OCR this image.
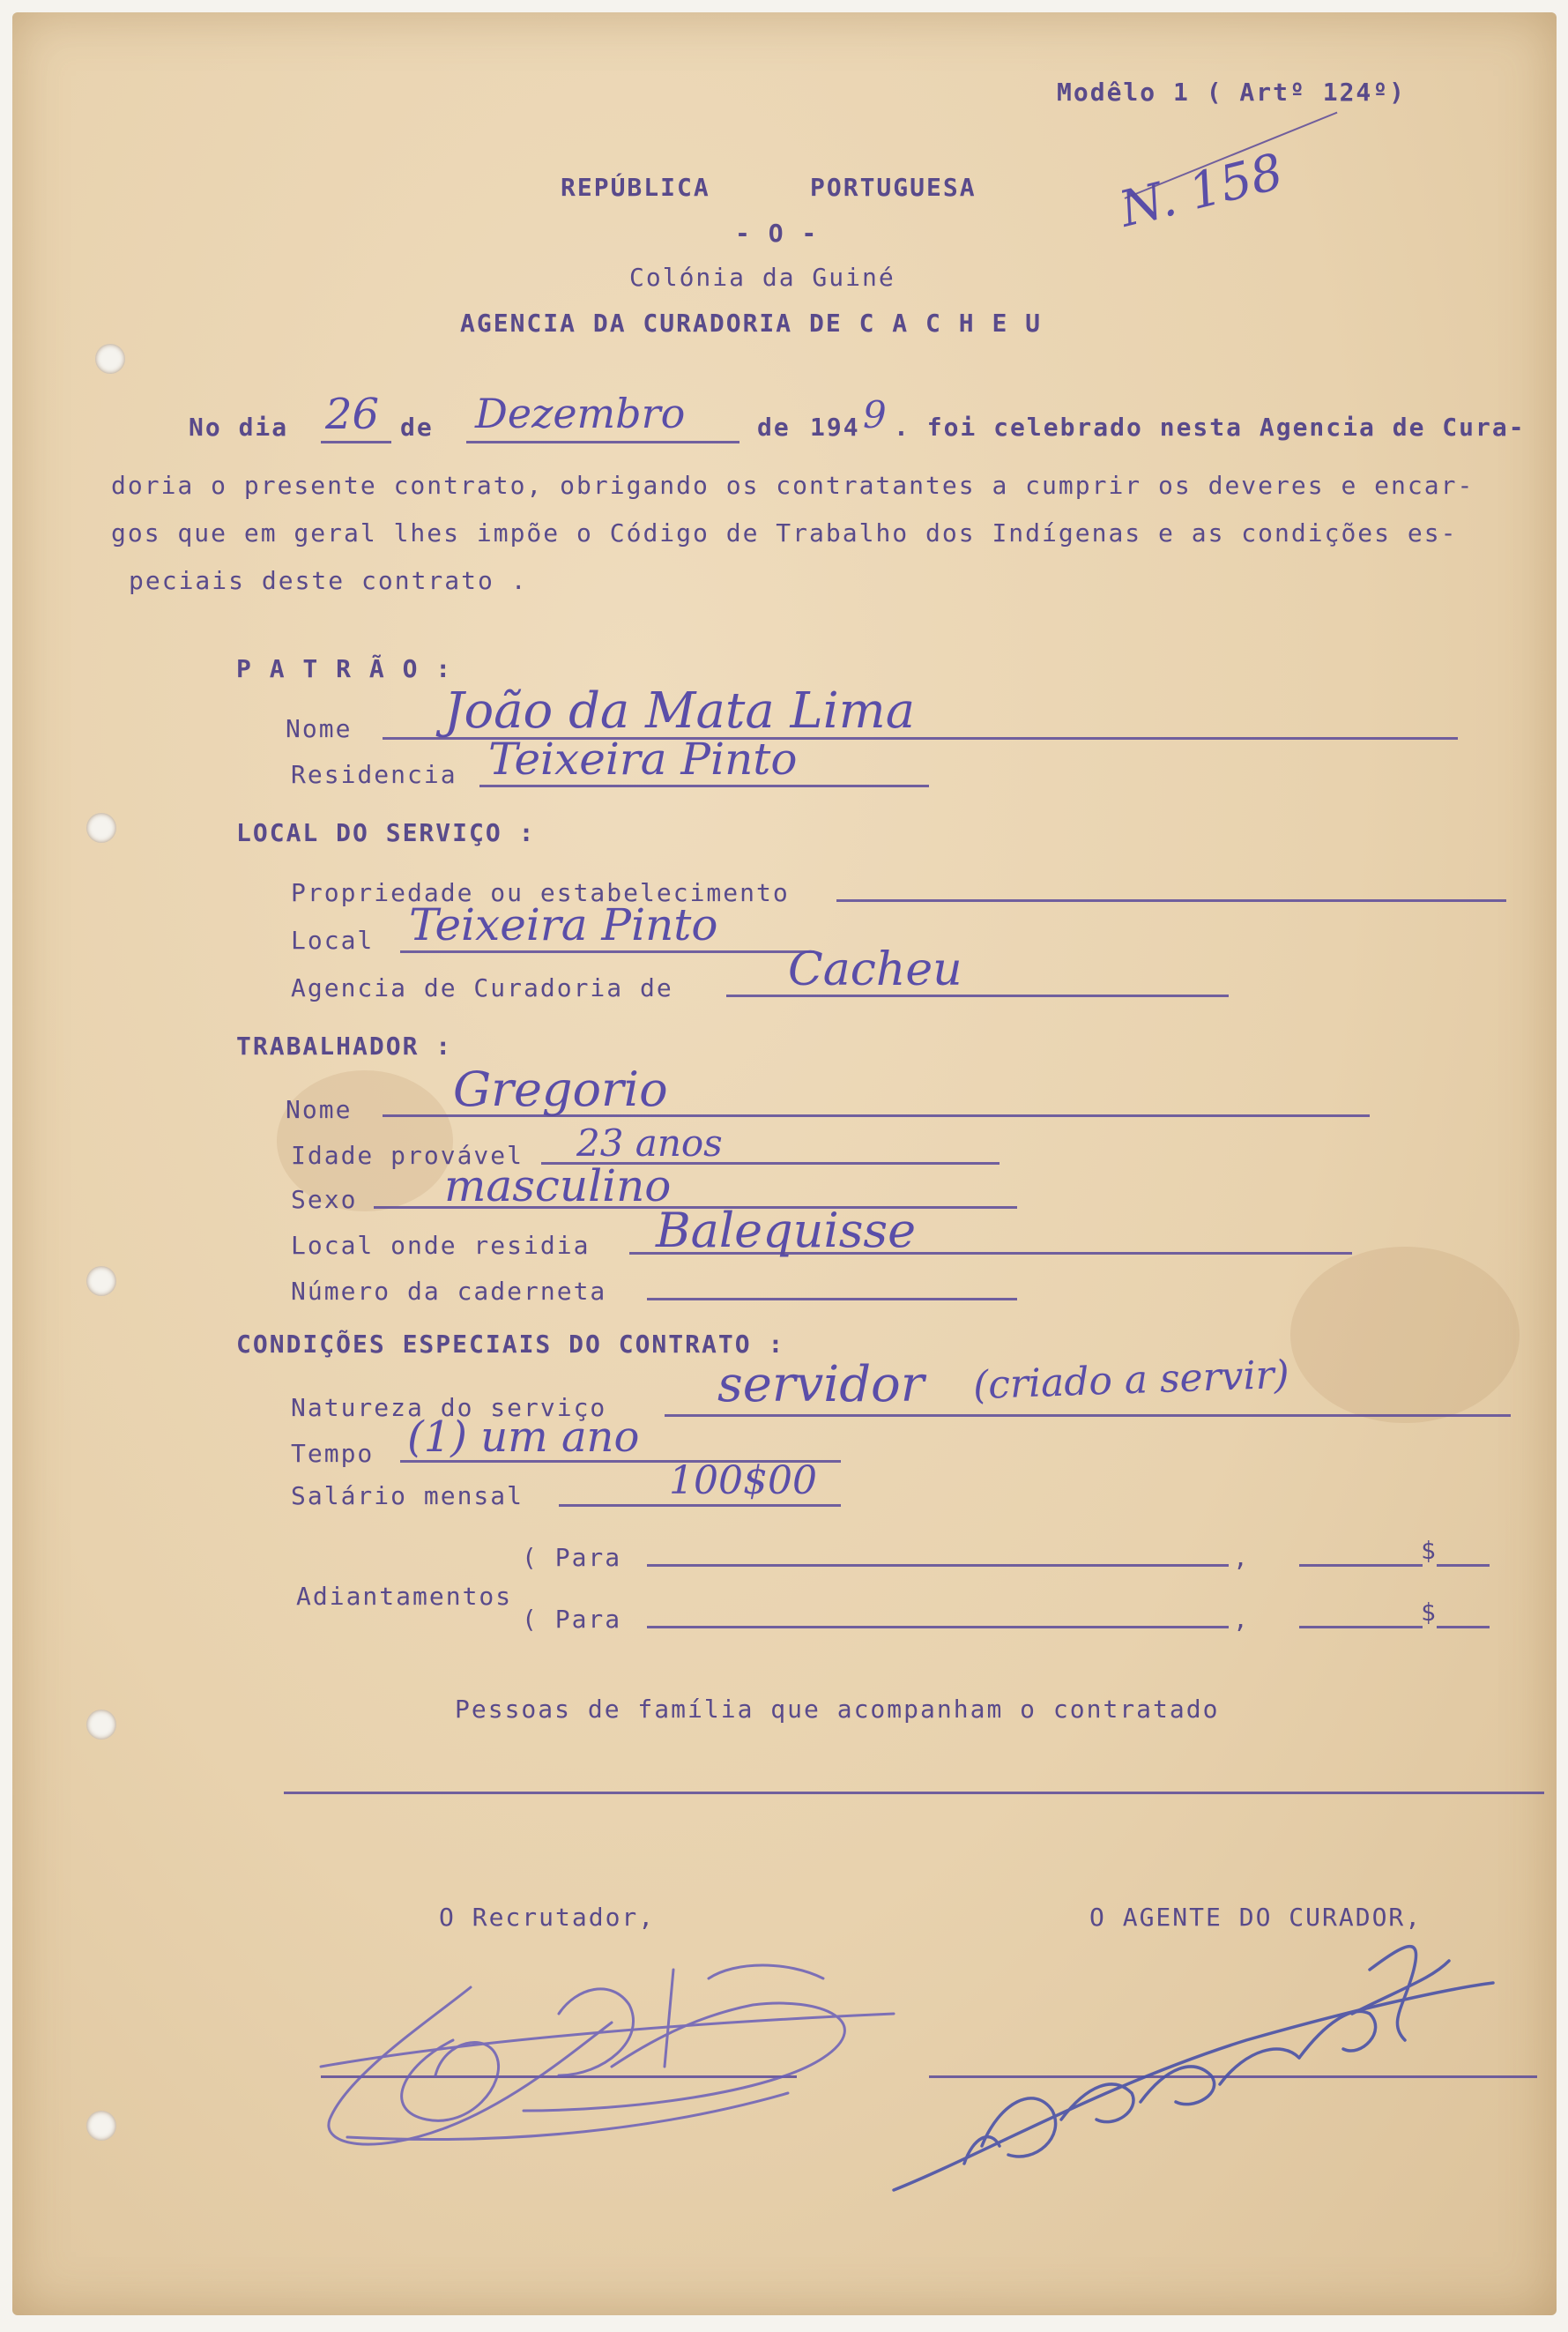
Modêlo 1 ( Artº 124º)
REPÚBLICA	PORTUGUESA
- O -
Colónia da Guiné
AGENCIA DA CURADORIA DE C A C H E U
N. 158
No dia 26 de Dezembro	de 194 9 . foi celebrado nesta Agencia de Cura-
doria o presente contrato, obrigando os contratantes a cumprir os deveres e encar-
gos que em geral lhes impõe o Código de Trabalho dos Indígenas e as condições es-
peciais deste contrato .
P A T R Ã O :
Nome João da Mata Lima
Residencia Teixeira Pinto
LOCAL DO SERVIÇO :
Propriedade ou estabelecimento
Local Teixeira Pinto
Agencia de Curadoria de	Cacheu
TRABALHADOR :
Nome Gregorio
Idade provável 23 anos
Sexo masculino
Local onde residia Balequisse
Número da caderneta
CONDIÇÕES ESPECIAIS DO CONTRATO :
Natureza do serviço servidor (criado a servir)
Tempo (1) um ano
Salário mensal	100$00
( Para	,	$
Adiantamentos
( Para	,	$
Pessoas de família que acompanham o contratado
O Recrutador,	O AGENTE DO CURADOR,
